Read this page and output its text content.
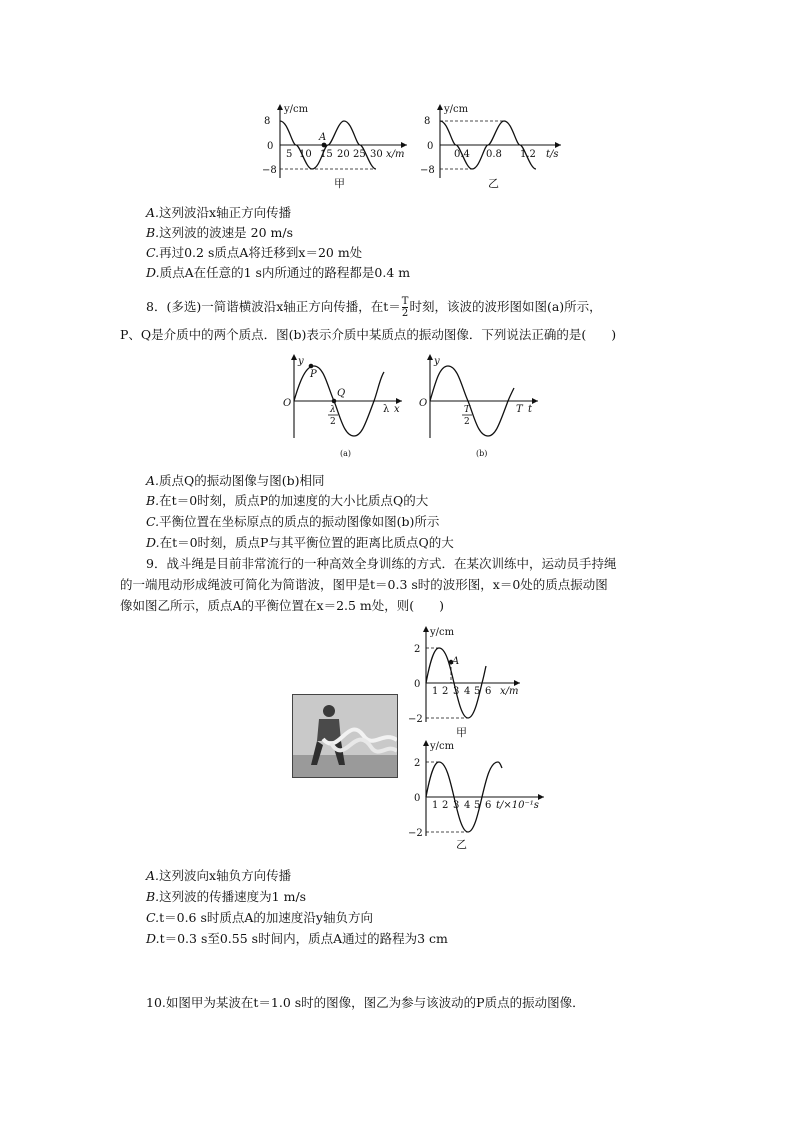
y/cm
8
0
−8
5 10 15 20 25 30 x/m
A
甲
y/cm
8
0
−8
0.4 0.8 1.2 t/s
乙
A.这列波沿x轴正方向传播
B.这列波的波速是 20 m/s
C.再过0.2 s质点A将迁移到x＝20 m处
D.质点A在任意的1 s内所通过的路程都是0.4 m
8．(多选)一简谐横波沿x轴正方向传播，在$t= \frac{T}{2}$ 时刻，该波的波形图如图(a)所示，
P、Q是介质中的两个质点．图(b)表示介质中某质点的振动图像．下列说法正确的是(　　)
y
O
P
Q
λ
2
λ x
(a)
y
O
T
2
T t
(b)
A.质点Q的振动图像与图(b)相同
B.在t＝0时刻，质点P的加速度的大小比质点Q的大
C.平衡位置在坐标原点的质点的振动图像如图(b)所示
D.在t＝0时刻，质点P与其平衡位置的距离比质点Q的大
9．战斗绳是目前非常流行的一种高效全身训练的方式．在某次训练中，运动员手持绳
的一端甩动形成绳波可简化为简谐波，图甲是t＝0.3 s时的波形图，x＝0处的质点振动图
像如图乙所示，质点A的平衡位置在x＝2.5 m处，则(　　)
y/cm
2
0
−2
A
1 2 3 4 5 6 x/m
甲
y/cm
2
0
−2
1 2 3 4 5 6 t/×10⁻¹s
乙
A.这列波向x轴负方向传播
B.这列波的传播速度为1 m/s
C.t＝0.6 s时质点A的加速度沿y轴负方向
D.t＝0.3 s至0.55 s时间内，质点A通过的路程为3 cm
10.如图甲为某波在t＝1.0 s时的图像，图乙为参与该波动的P质点的振动图像．
